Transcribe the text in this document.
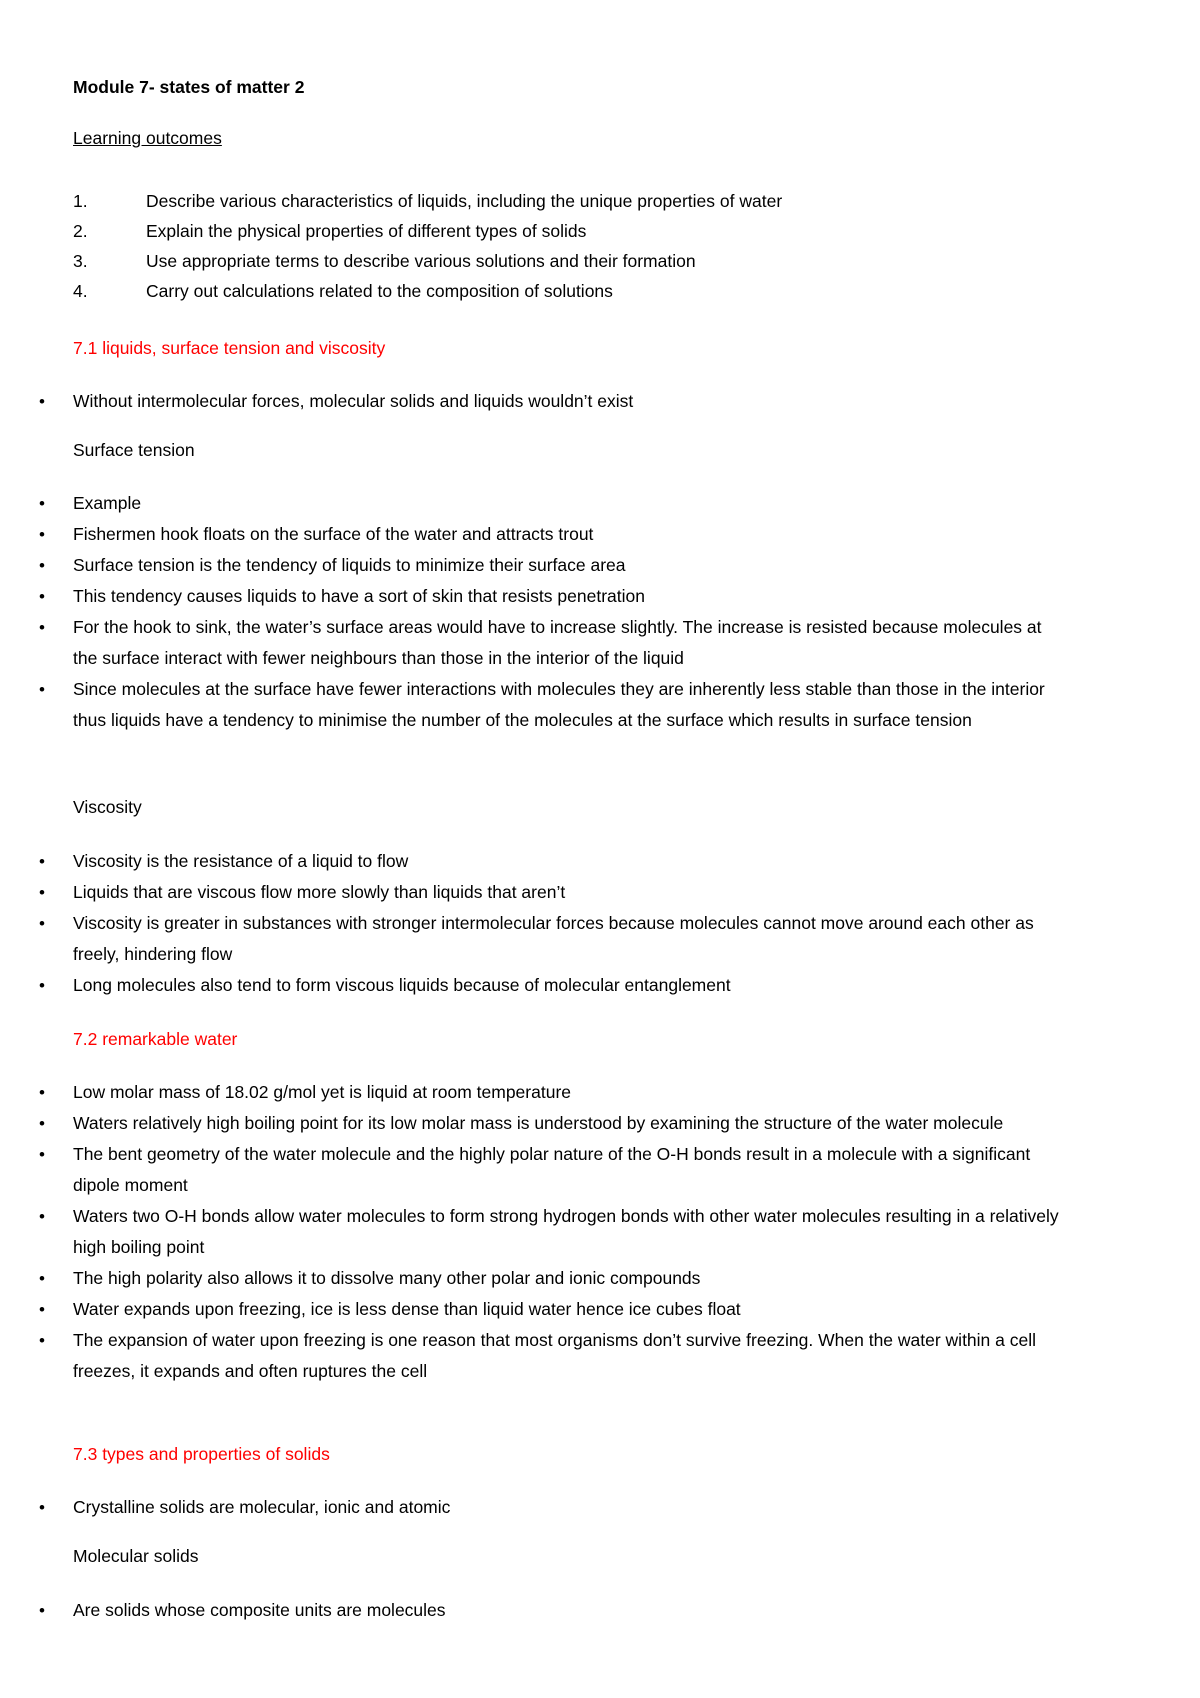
Module 7- states of matter 2

Learning outcomes

1.	Describe various characteristics of liquids, including the unique properties of water
2.	Explain the physical properties of different types of solids
3.	Use appropriate terms to describe various solutions and their formation
4.	Carry out calculations related to the composition of solutions

7.1 liquids, surface tension and viscosity

• Without intermolecular forces, molecular solids and liquids wouldn’t exist

Surface tension

• Example
• Fishermen hook floats on the surface of the water and attracts trout
• Surface tension is the tendency of liquids to minimize their surface area
• This tendency causes liquids to have a sort of skin that resists penetration
• For the hook to sink, the water’s surface areas would have to increase slightly. The increase is resisted because molecules at the surface interact with fewer neighbours than those in the interior of the liquid
• Since molecules at the surface have fewer interactions with molecules they are inherently less stable than those in the interior thus liquids have a tendency to minimise the number of the molecules at the surface which results in surface tension

Viscosity

• Viscosity is the resistance of a liquid to flow
• Liquids that are viscous flow more slowly than liquids that aren’t
• Viscosity is greater in substances with stronger intermolecular forces because molecules cannot move around each other as freely, hindering flow
• Long molecules also tend to form viscous liquids because of molecular entanglement

7.2 remarkable water

• Low molar mass of 18.02 g/mol yet is liquid at room temperature
• Waters relatively high boiling point for its low molar mass is understood by examining the structure of the water molecule
• The bent geometry of the water molecule and the highly polar nature of the O-H bonds result in a molecule with a significant dipole moment
• Waters two O-H bonds allow water molecules to form strong hydrogen bonds with other water molecules resulting in a relatively high boiling point
• The high polarity also allows it to dissolve many other polar and ionic compounds
• Water expands upon freezing, ice is less dense than liquid water hence ice cubes float
• The expansion of water upon freezing is one reason that most organisms don’t survive freezing. When the water within a cell freezes, it expands and often ruptures the cell

7.3 types and properties of solids

• Crystalline solids are molecular, ionic and atomic

Molecular solids

• Are solids whose composite units are molecules
